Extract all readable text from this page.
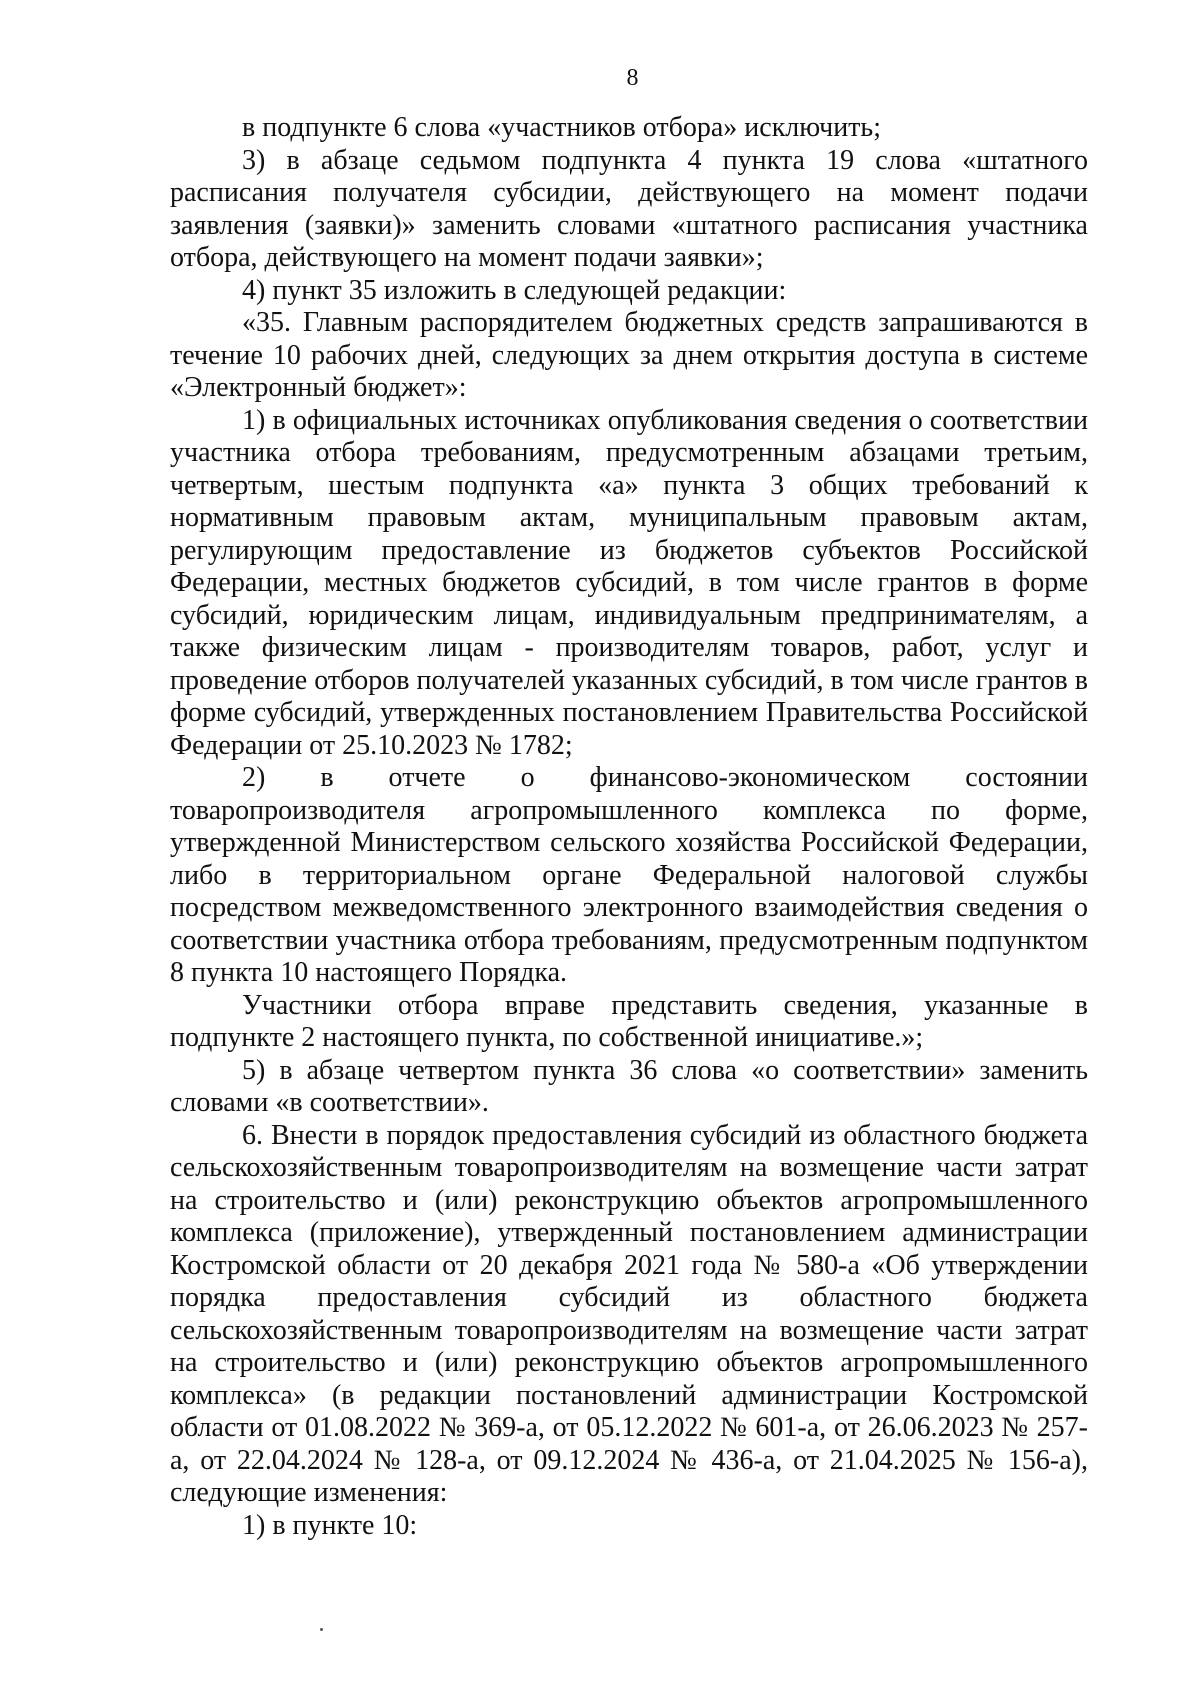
8

в подпункте 6 слова «участников отбора» исключить;

3) в абзаце седьмом подпункта 4 пункта 19 слова «штатного расписания получателя субсидии, действующего на момент подачи заявления (заявки)» заменить словами «штатного расписания участника отбора, действующего на момент подачи заявки»;

4) пункт 35 изложить в следующей редакции:

«35. Главным распорядителем бюджетных средств запрашиваются в течение 10 рабочих дней, следующих за днем открытия доступа в системе «Электронный бюджет»:

1) в официальных источниках опубликования сведения о соответствии участника отбора требованиям, предусмотренным абзацами третьим, четвертым, шестым подпункта «а» пункта 3 общих требований к нормативным правовым актам, муниципальным правовым актам, регулирующим предоставление из бюджетов субъектов Российской Федерации, местных бюджетов субсидий, в том числе грантов в форме субсидий, юридическим лицам, индивидуальным предпринимателям, а также физическим лицам - производителям товаров, работ, услуг и проведение отборов получателей указанных субсидий, в том числе грантов в форме субсидий, утвержденных постановлением Правительства Российской Федерации от 25.10.2023 № 1782;

2) в отчете о финансово-экономическом состоянии товаропроизводителя агропромышленного комплекса по форме, утвержденной Министерством сельского хозяйства Российской Федерации, либо в территориальном органе Федеральной налоговой службы посредством межведомственного электронного взаимодействия сведения о соответствии участника отбора требованиям, предусмотренным подпунктом 8 пункта 10 настоящего Порядка.

Участники отбора вправе представить сведения, указанные в подпункте 2 настоящего пункта, по собственной инициативе.»;

5) в абзаце четвертом пункта 36 слова «о соответствии» заменить словами «в соответствии».

6. Внести в порядок предоставления субсидий из областного бюджета сельскохозяйственным товаропроизводителям на возмещение части затрат на строительство и (или) реконструкцию объектов агропромышленного комплекса (приложение), утвержденный постановлением администрации Костромской области от 20 декабря 2021 года № 580-а «Об утверждении порядка предоставления субсидий из областного бюджета сельскохозяйственным товаропроизводителям на возмещение части затрат на строительство и (или) реконструкцию объектов агропромышленного комплекса» (в редакции постановлений администрации Костромской области от 01.08.2022 № 369-а, от 05.12.2022 № 601-а, от 26.06.2023 № 257-а, от 22.04.2024 № 128-а, от 09.12.2024 № 436-а, от 21.04.2025 № 156-а), следующие изменения:

1) в пункте 10:
